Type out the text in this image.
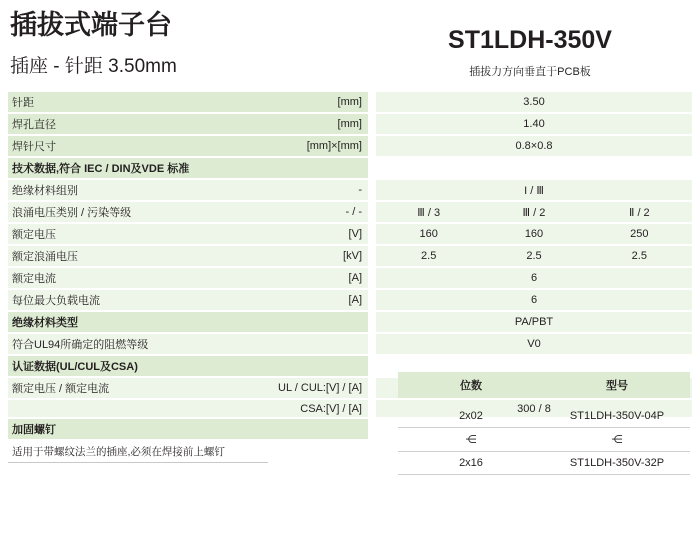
插拔式端子台
插座 - 针距 3.50mm
ST1LDH-350V
插拔力方向垂直于PCB板
针距	[mm]	3.50
焊孔直径	[mm]	1.40
焊针尺寸	[mm]×[mm]	0.8×0.8
技术数据,符合 IEC / DIN及VDE 标准
绝缘材料组别	-	I / Ⅲ
浪涌电压类别 / 污染等级	- / -	Ⅲ / 3	Ⅲ / 2	Ⅱ / 2
额定电压	[V]	160	160	250
额定浪涌电压	[kV]	2.5	2.5	2.5
额定电流	[A]	6
每位最大负载电流	[A]	6
绝缘材料类型	PA/PBT
符合UL94所确定的阻燃等级	V0
认证数据(UL/CUL及CSA)
额定电压 / 额定电流	UL / CUL:[V] / [A]
CSA:[V] / [A]	300 / 8
加固螺钉
适用于带螺纹法兰的插座,必须在焊接前上螺钉
位数	型号
2x02	ST1LDH-350V-04P
⋲	⋲
2x16	ST1LDH-350V-32P
